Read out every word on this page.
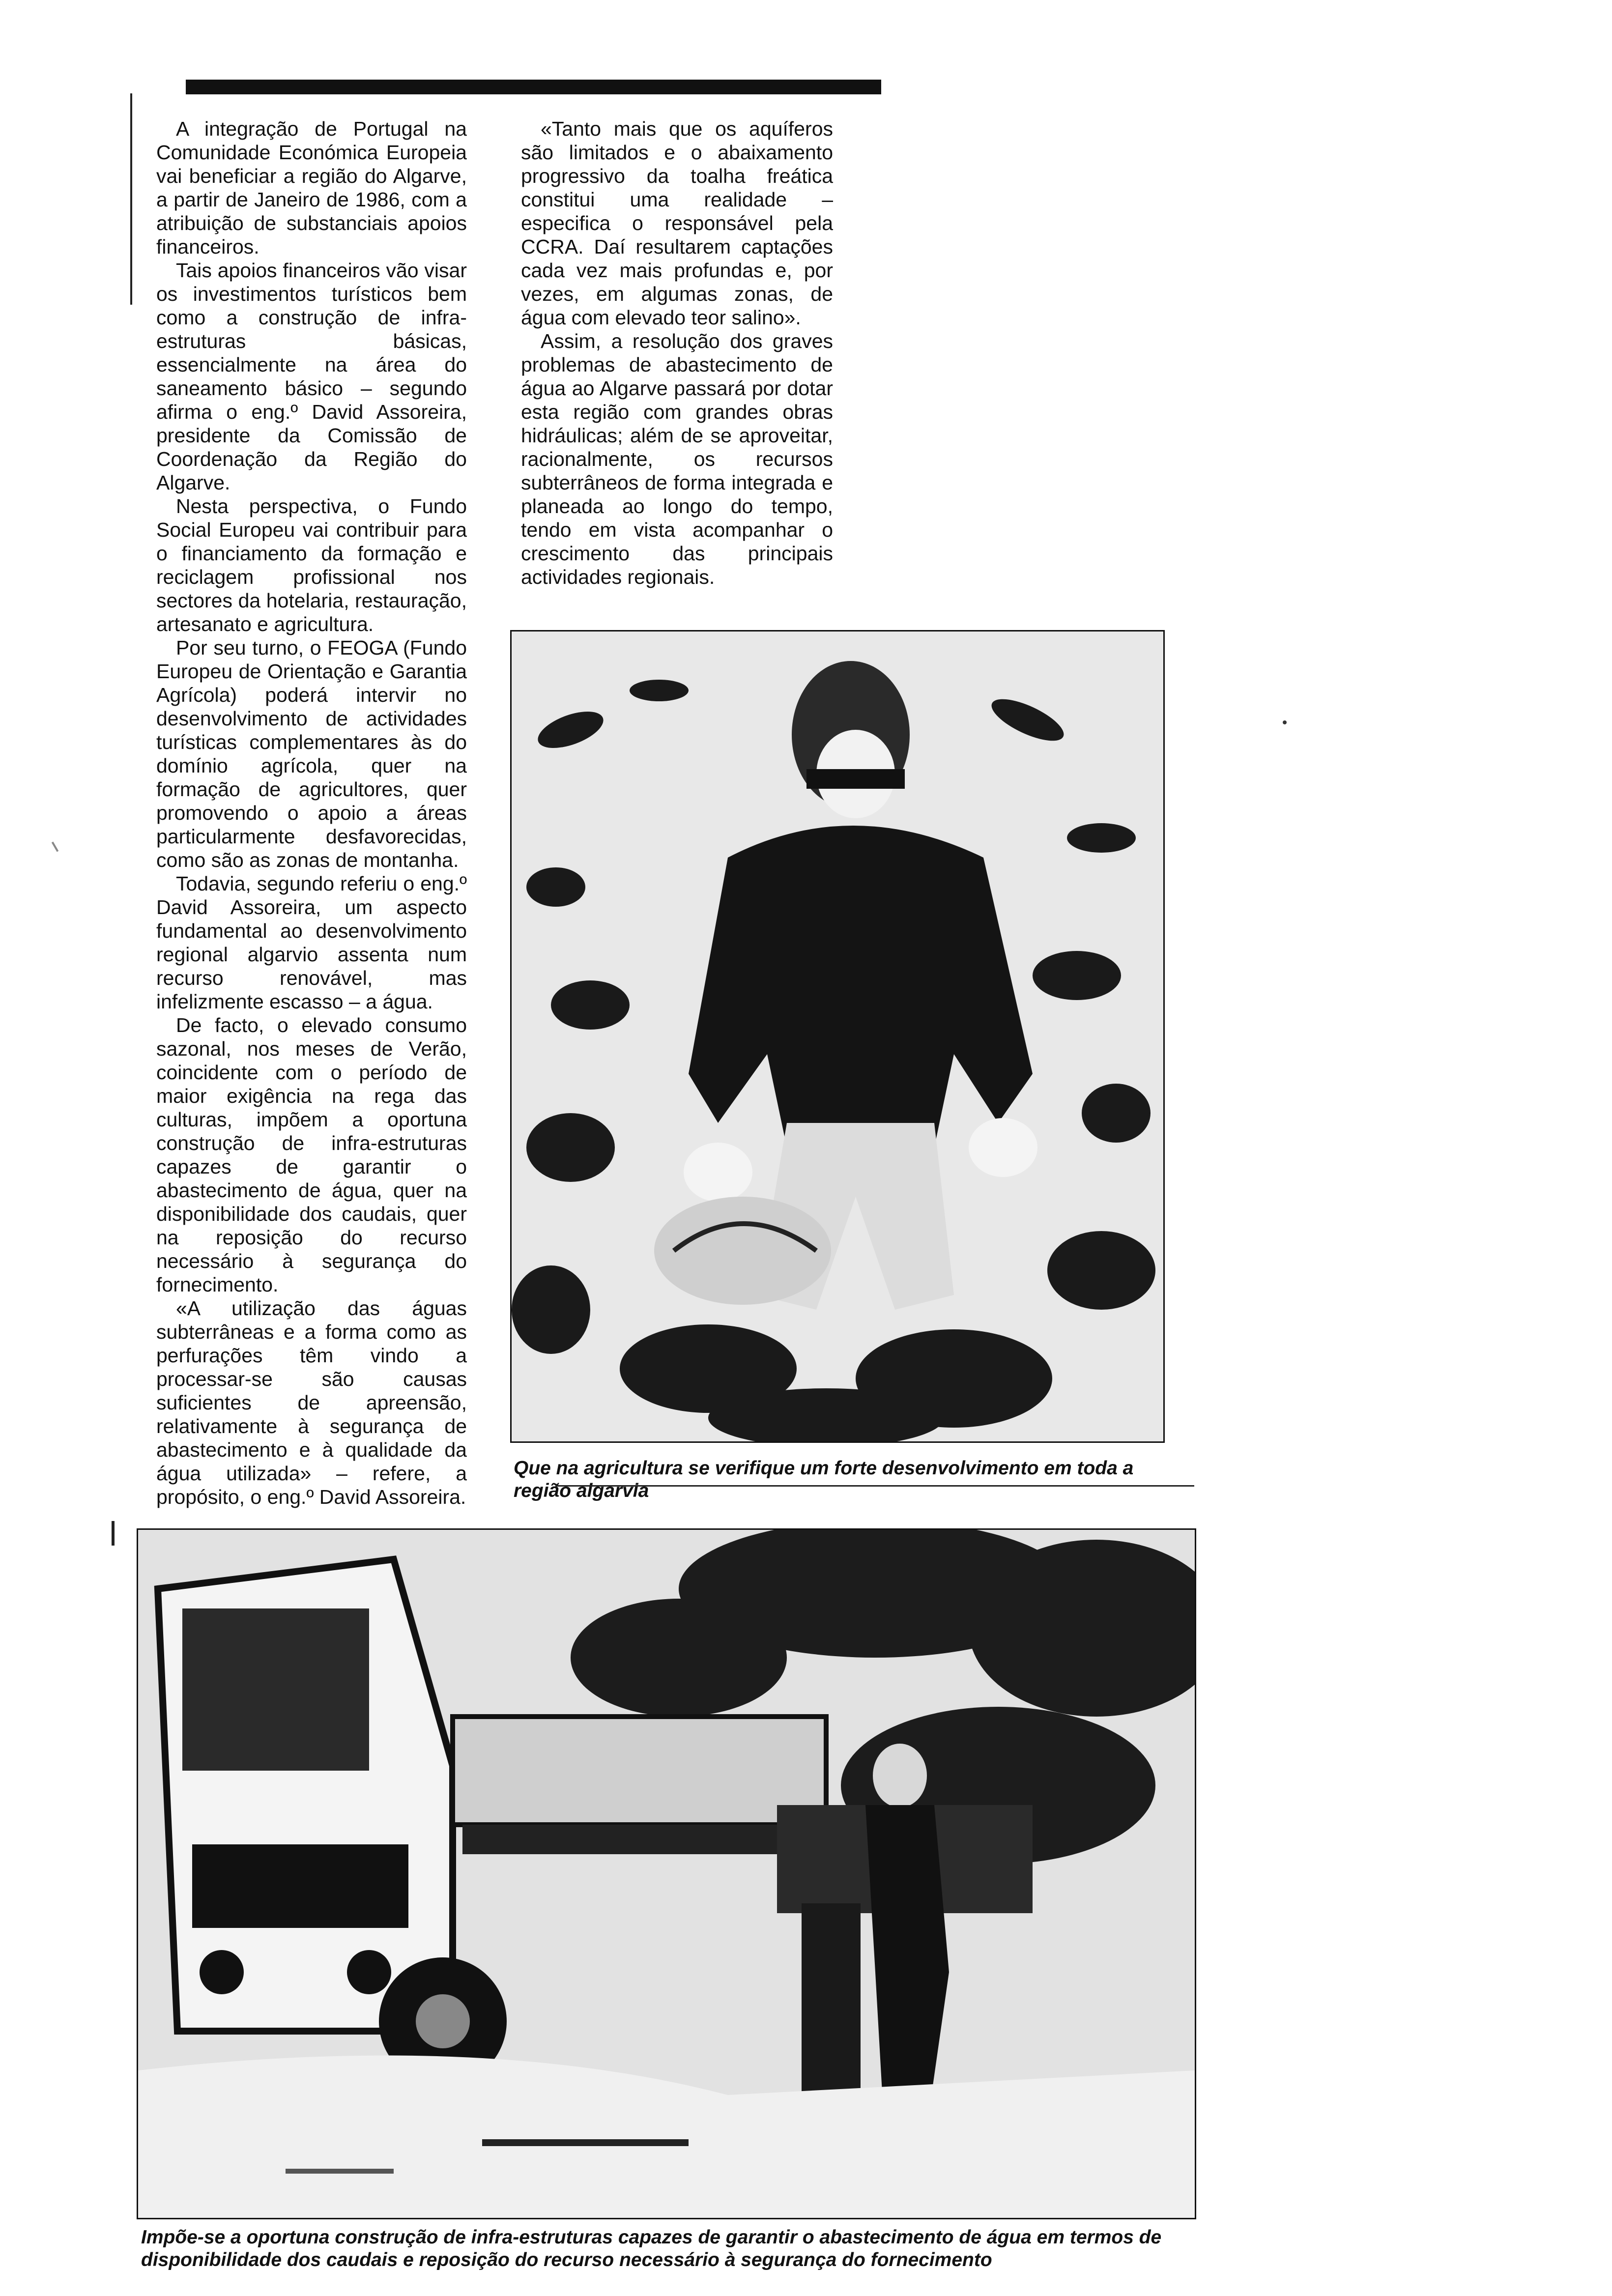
A integração de Portugal na Comunidade Económica Europeia vai beneficiar a região do Algarve, a partir de Janeiro de 1986, com a atribuição de substanciais apoios financeiros.

Tais apoios financeiros vão visar os investimentos turísticos bem como a construção de infra-estruturas básicas, essencialmente na área do saneamento básico – segundo afirma o eng.º David Assoreira, presidente da Comissão de Coordenação da Região do Algarve.

Nesta perspectiva, o Fundo Social Europeu vai contribuir para o financiamento da formação e reciclagem profissional nos sectores da hotelaria, restauração, artesanato e agricultura.

Por seu turno, o FEOGA (Fundo Europeu de Orientação e Garantia Agrícola) poderá intervir no desenvolvimento de actividades turísticas complementares às do domínio agrícola, quer na formação de agricultores, quer promovendo o apoio a áreas particularmente desfavorecidas, como são as zonas de montanha.

Todavia, segundo referiu o eng.º David Assoreira, um aspecto fundamental ao desenvolvimento regional algarvio assenta num recurso renovável, mas infelizmente escasso – a água.

De facto, o elevado consumo sazonal, nos meses de Verão, coincidente com o período de maior exigência na rega das culturas, impõem a oportuna construção de infra-estruturas capazes de garantir o abastecimento de água, quer na disponibilidade dos caudais, quer na reposição do recurso necessário à segurança do fornecimento.

«A utilização das águas subterrâneas e a forma como as perfurações têm vindo a processar-se são causas suficientes de apreensão, relativamente à segurança de abastecimento e à qualidade da água utilizada» – refere, a propósito, o eng.º David Assoreira.

«Tanto mais que os aquíferos são limitados e o abaixamento progressivo da toalha freática constitui uma realidade – especifica o responsável pela CCRA. Daí resultarem captações cada vez mais profundas e, por vezes, em algumas zonas, de água com elevado teor salino».

Assim, a resolução dos graves problemas de abastecimento de água ao Algarve passará por dotar esta região com grandes obras hidráulicas; além de se aproveitar, racionalmente, os recursos subterrâneos de forma integrada e planeada ao longo do tempo, tendo em vista acompanhar o crescimento das principais actividades regionais.

Que na agricultura se verifique um forte desenvolvimento em toda a região algarvia
Impõe-se a oportuna construção de infra-estruturas capazes de garantir o abastecimento de água em termos de disponibilidade dos caudais e reposição do recurso necessário à segurança do fornecimento
